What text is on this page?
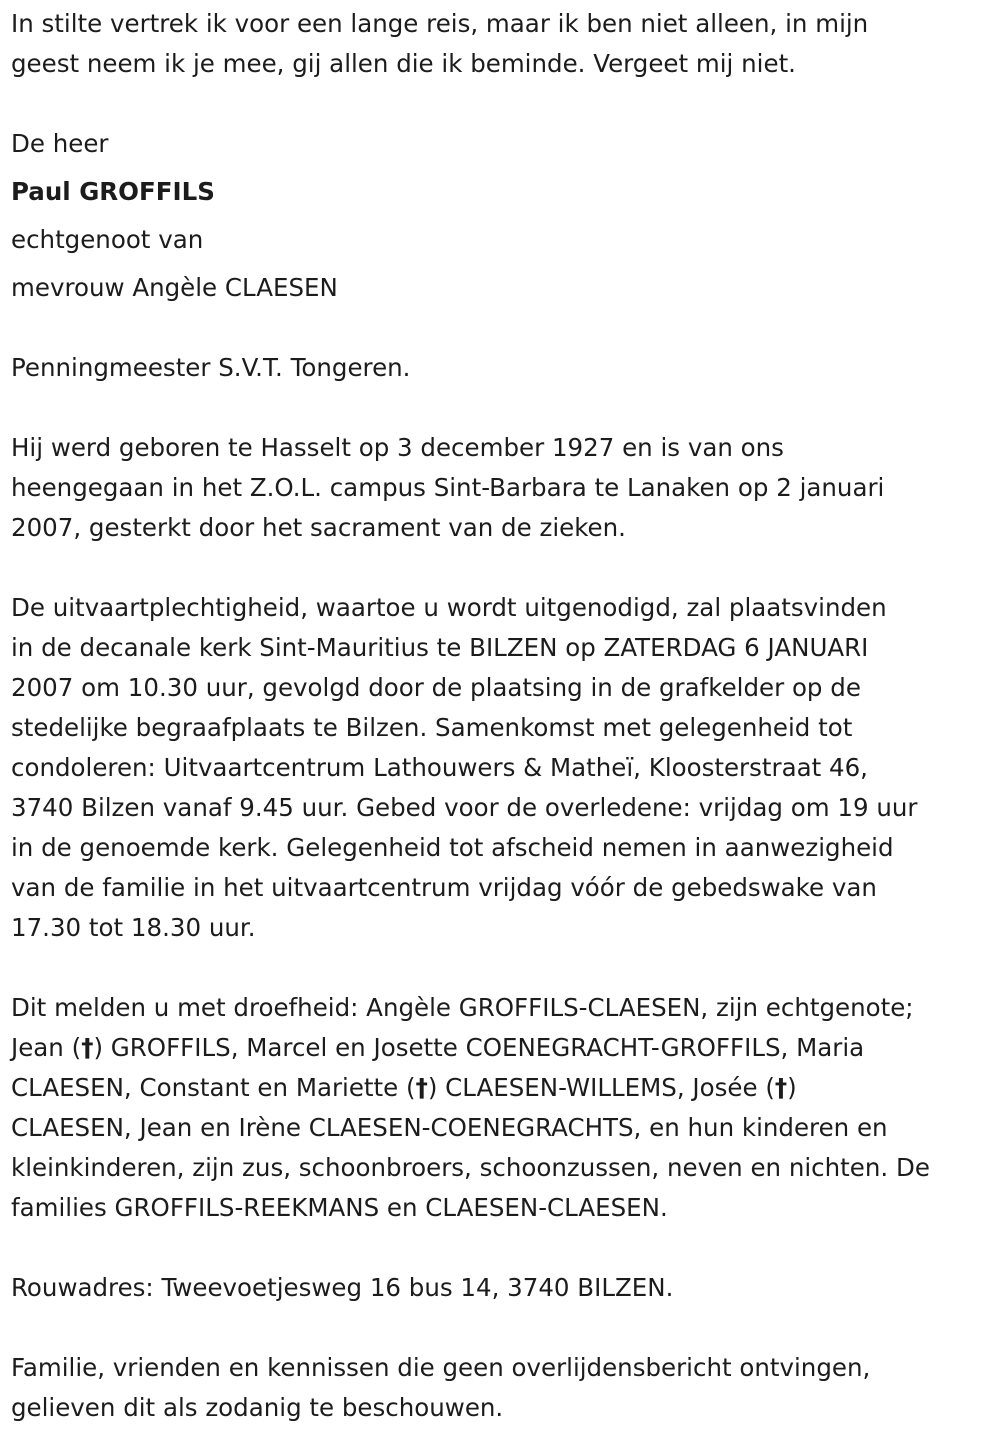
In stilte vertrek ik voor een lange reis, maar ik ben niet alleen, in mijn
geest neem ik je mee, gij allen die ik beminde. Vergeet mij niet.

De heer

Paul GROFFILS

echtgenoot van

mevrouw Angèle CLAESEN

Penningmeester S.V.T. Tongeren.

Hij werd geboren te Hasselt op 3 december 1927 en is van ons
heengegaan in het Z.O.L. campus Sint-Barbara te Lanaken op 2 januari
2007, gesterkt door het sacrament van de zieken.

De uitvaartplechtigheid, waartoe u wordt uitgenodigd, zal plaatsvinden
in de decanale kerk Sint-Mauritius te BILZEN op ZATERDAG 6 JANUARI
2007 om 10.30 uur, gevolgd door de plaatsing in de grafkelder op de
stedelijke begraafplaats te Bilzen. Samenkomst met gelegenheid tot
condoleren: Uitvaartcentrum Lathouwers & Matheï, Kloosterstraat 46,
3740 Bilzen vanaf 9.45 uur. Gebed voor de overledene: vrijdag om 19 uur
in de genoemde kerk. Gelegenheid tot afscheid nemen in aanwezigheid
van de familie in het uitvaartcentrum vrijdag vóór de gebedswake van
17.30 tot 18.30 uur.

Dit melden u met droefheid: Angèle GROFFILS-CLAESEN, zijn echtgenote;
Jean (†) GROFFILS, Marcel en Josette COENEGRACHT-GROFFILS, Maria
CLAESEN, Constant en Mariette (†) CLAESEN-WILLEMS, Josée (†)
CLAESEN, Jean en Irène CLAESEN-COENEGRACHTS, en hun kinderen en
kleinkinderen, zijn zus, schoonbroers, schoonzussen, neven en nichten. De
families GROFFILS-REEKMANS en CLAESEN-CLAESEN.

Rouwadres: Tweevoetjesweg 16 bus 14, 3740 BILZEN.

Familie, vrienden en kennissen die geen overlijdensbericht ontvingen,
gelieven dit als zodanig te beschouwen.
